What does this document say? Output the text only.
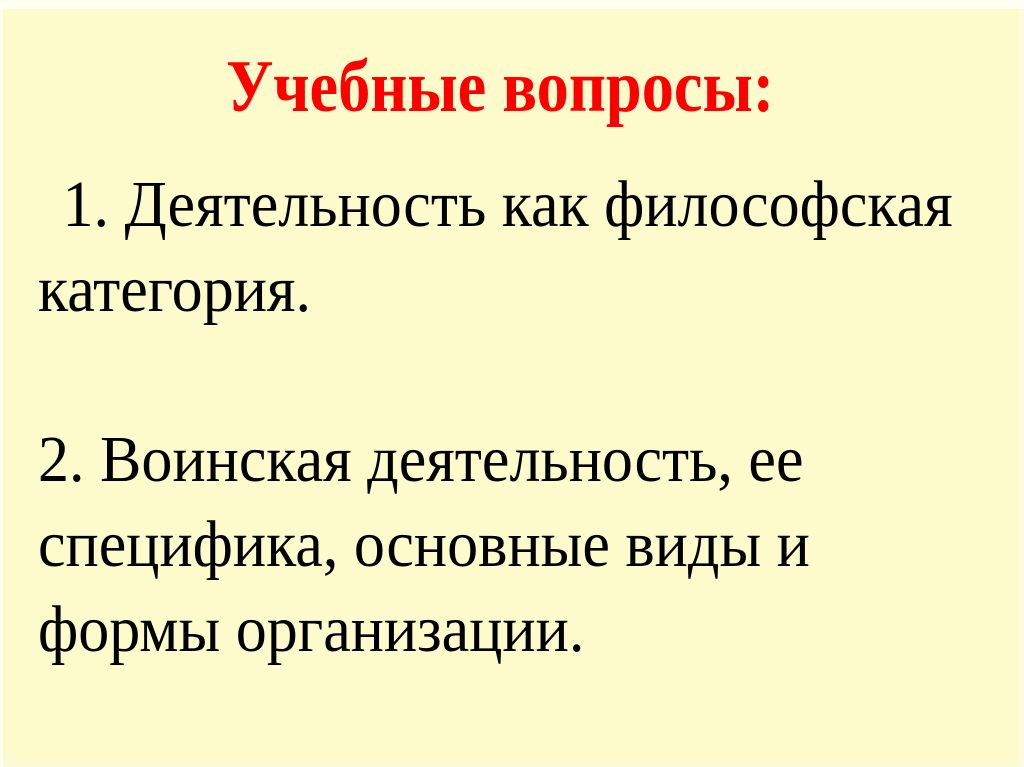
Учебные вопросы:
1. Деятельность как философская
категория.
2. Воинская деятельность, ее
специфика, основные виды и
формы организации.
